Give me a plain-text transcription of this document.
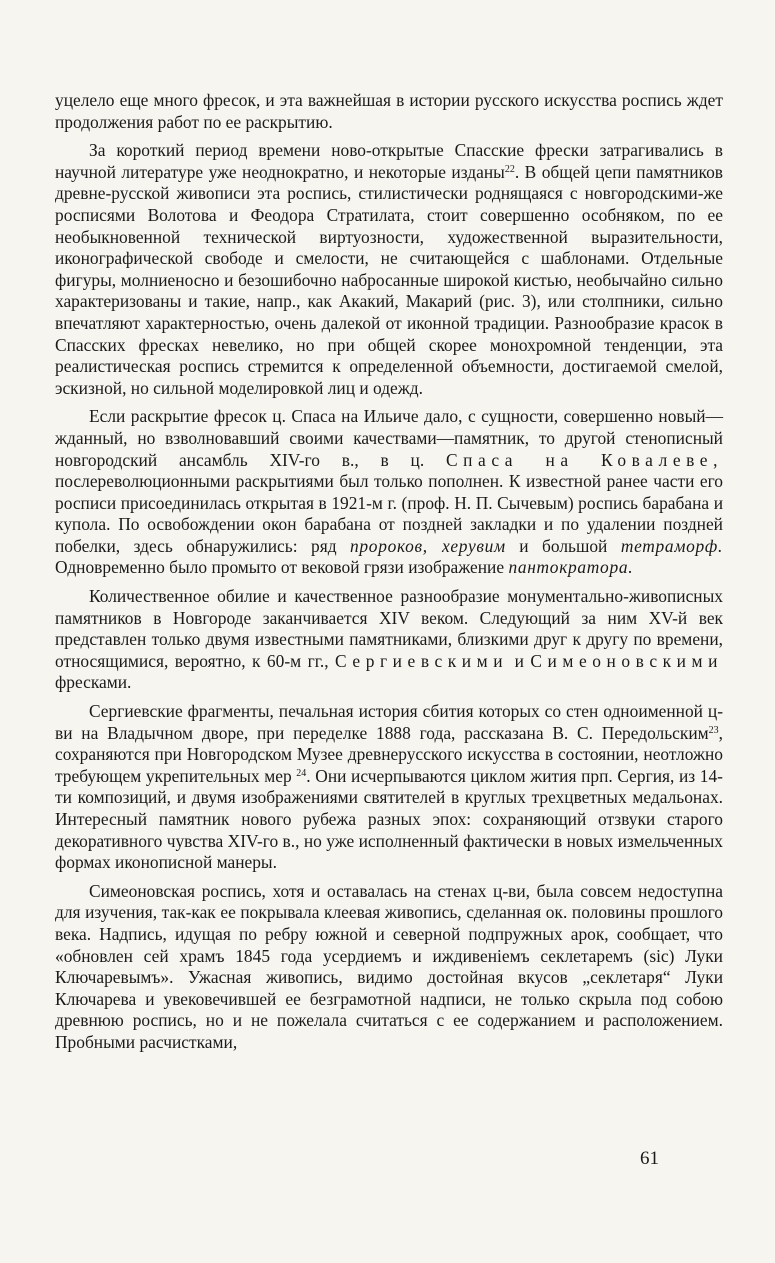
уцелело еще много фресок, и эта важнейшая в истории русского искусства роспись ждет продолжения работ по ее раскрытию.

За короткий период времени ново-открытые Спасские фрески затрагивались в научной литературе уже неоднократно, и некоторые изданы$^{22}$. В общей цепи памятников древне-русской живописи эта роспись, стилистически роднящаяся с новгородскими-же росписями Волотова и Феодора Стратилата, стоит совершенно особняком, по ее необыкновенной технической виртуозности, художественной выразительности, иконографической свободе и смелости, не считающейся с шаблонами. Отдельные фигуры, молниеносно и безошибочно набросанные широкой кистью, необычайно сильно характеризованы и такие, напр., как Акакий, Макарий (рис. 3), или столпники, сильно впечатляют характерностью, очень далекой от иконной традиции. Разнообразие красок в Спасских фресках невелико, но при общей скорее монохромной тенденции, эта реалистическая роспись стремится к определенной объемности, достигаемой смелой, эскизной, но сильной моделировкой лиц и одежд.

Если раскрытие фресок ц. Спаса на Ильиче дало, с сущности, совершенно новый—жданный, но взволновавший своими качествами—памятник, то другой стенописный новгородский ансамбль XIV-го в., в ц. Спаса на Ковалеве, послереволюционными раскрытиями был только пополнен. К известной ранее части его росписи присоединилась открытая в 1921-м г. (проф. Н. П. Сычевым) роспись барабана и купола. По освобождении окон барабана от поздней закладки и по удалении поздней побелки, здесь обнаружились: ряд пророков, херувим и большой тетраморф. Одновременно было промыто от вековой грязи изображение пантократора.

Количественное обилие и качественное разнообразие монументально-живописных памятников в Новгороде заканчивается XIV веком. Следующий за ним XV-й век представлен только двумя известными памятниками, близкими друг к другу по времени, относящимися, вероятно, к 60-м гг., Сергиевскими и Симеоновскими фресками.

Сергиевские фрагменты, печальная история сбития которых со стен одноименной ц-ви на Владычном дворе, при переделке 1888 года, рассказана В. С. Передольским$^{23}$, сохраняются при Новгородском Музее древнерусского искусства в состоянии, неотложно требующем укрепительных мер $^{24}$. Они исчерпываются циклом жития прп. Сергия, из 14-ти композиций, и двумя изображениями святителей в круглых трехцветных медальонах. Интересный памятник нового рубежа разных эпох: сохраняющий отзвуки старого декоративного чувства XIV-го в., но уже исполненный фактически в новых измельченных формах иконописной манеры.

Симеоновская роспись, хотя и оставалась на стенах ц-ви, была совсем недоступна для изучения, так-как ее покрывала клеевая живопись, сделанная ок. половины прошлого века. Надпись, идущая по ребру южной и северной подпружных арок, сообщает, что «обновлен сей храмъ 1845 года усердиемъ и иждивенiемъ секлетаремъ (sic) Луки Ключаревымъ». Ужасная живопись, видимо достойная вкусов „секлетаря“ Луки Ключарева и увековечившей ее безграмотной надписи, не только скрыла под собою древнюю роспись, но и не пожелала считаться с ее содержанием и расположением. Пробными расчистками,

61
